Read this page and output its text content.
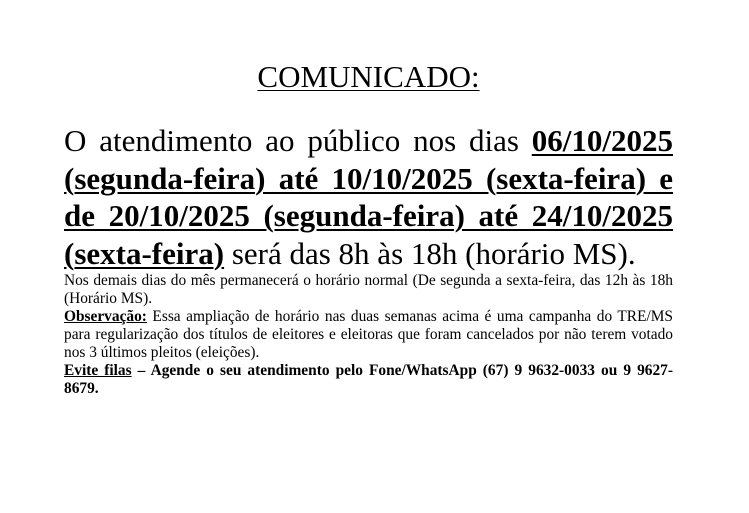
COMUNICADO:

O atendimento ao público nos dias 06/10/2025 (segunda-feira) até 10/10/2025 (sexta-feira) e de 20/10/2025 (segunda-feira) até 24/10/2025 (sexta-feira) será das 8h às 18h (horário MS).

Nos demais dias do mês permanecerá o horário normal (De segunda a sexta-feira, das 12h às 18h (Horário MS).

Observação: Essa ampliação de horário nas duas semanas acima é uma campanha do TRE/MS para regularização dos títulos de eleitores e eleitoras que foram cancelados por não terem votado nos 3 últimos pleitos (eleições).

Evite filas – Agende o seu atendimento pelo Fone/WhatsApp (67) 9 9632-0033 ou 9 9627-8679.
